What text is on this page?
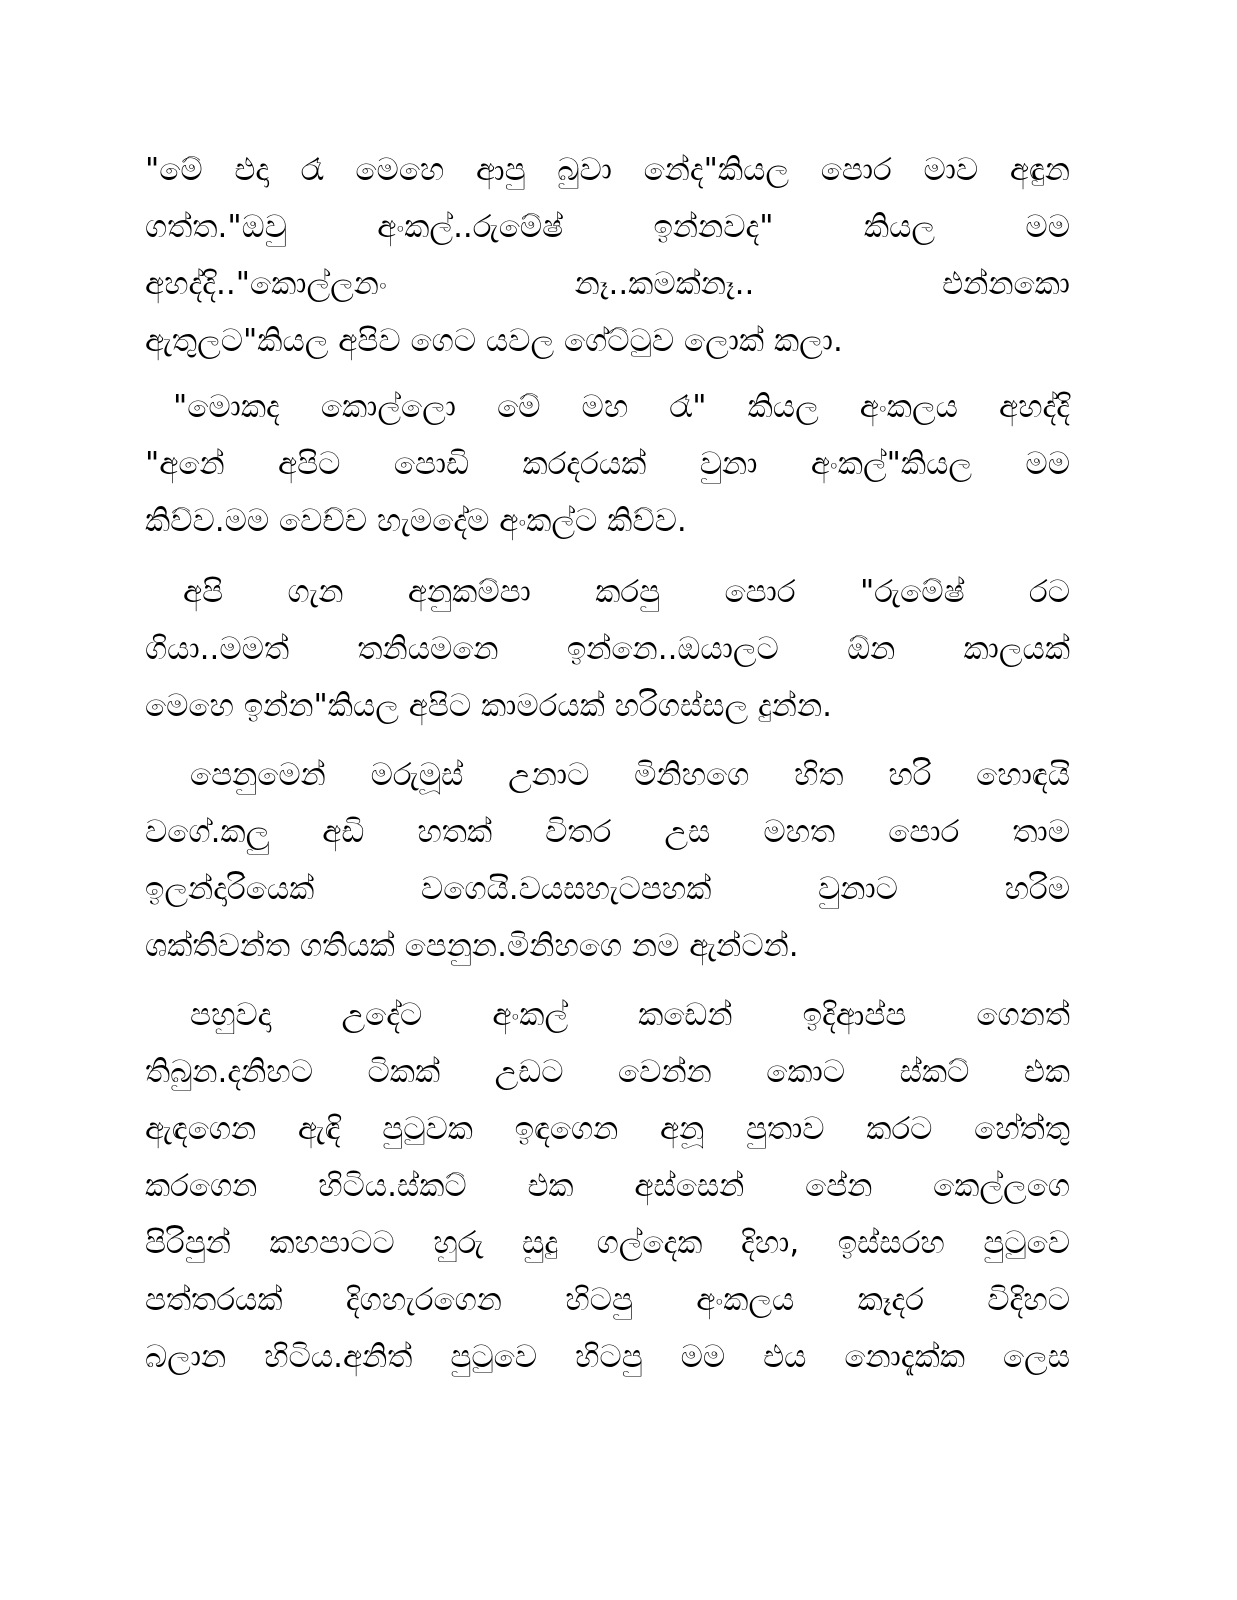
"මේ එදා රෑ මෙහෙ ආපු බුවා නේද"කියල පොර මාව අඳුන
ගත්ත."ඔවු අංකල්..රුමේෂ් ඉන්නවද" කියල මම
අහද්දි.."කොල්ලනං නෑ..කමක්නෑ.. එන්නකො
ඇතුලට"කියල අපිව ගෙට යවල ගේට්ටුව ලොක් කලා.
"මොකද කොල්ලො මේ මහ රෑ" කියල අංකලය අහද්දි
"අනේ අපිට පොඩි කරදරයක් වුනා අංකල්"කියල මම
කිව්ව.මම වෙච්ච හැමදේම අංකල්ට කිව්ව.
අපි ගැන අනුකම්පා කරපු පොර "රුමේෂ් රට
ගියා..මමත් තනියමනෙ ඉන්නෙ..ඔයාලට ඕන කාලයක්
මෙහෙ ඉන්න"කියල අපිට කාමරයක් හරිගස්සල දුන්න.
පෙනුමෙන් මරුමූස් උනාට මිනිහගෙ හිත හරි හොඳයි
වගේ.කලු අඩි හතක් විතර උස මහත පොර තාම
ඉලන්දාරියෙක් වගෙයි.වයසහැටපහක් වුනාට හරිම
ශක්තිවන්ත ගතියක් පෙනුන.මිනිහගෙ නම ඇන්ටන්.
පහුවදා උදේට අංකල් කඩෙන් ඉදිආප්ප ගෙනත්
තිබුන.දනිහට ටිකක් උඩට වෙන්න කොට ස්කට් එක
ඇඳගෙන ඇඳි පුටුවක ඉඳගෙන අනූ පුතාව කරට හේත්තු
කරගෙන හිටිය.ස්කට් එක අස්සෙන් පේන කෙල්ලගෙ
පිරිපුන් කහපාටට හුරු සුදු ගල්දෙක දිහා, ඉස්සරහ පුටුවෙ
පත්තරයක් දිගහැරගෙන හිටපු අංකලය කෑදර විදිහට
බලාන හිටිය.අනිත් පුටුවෙ හිටපු මම එය නොදැක්ක ලෙස
